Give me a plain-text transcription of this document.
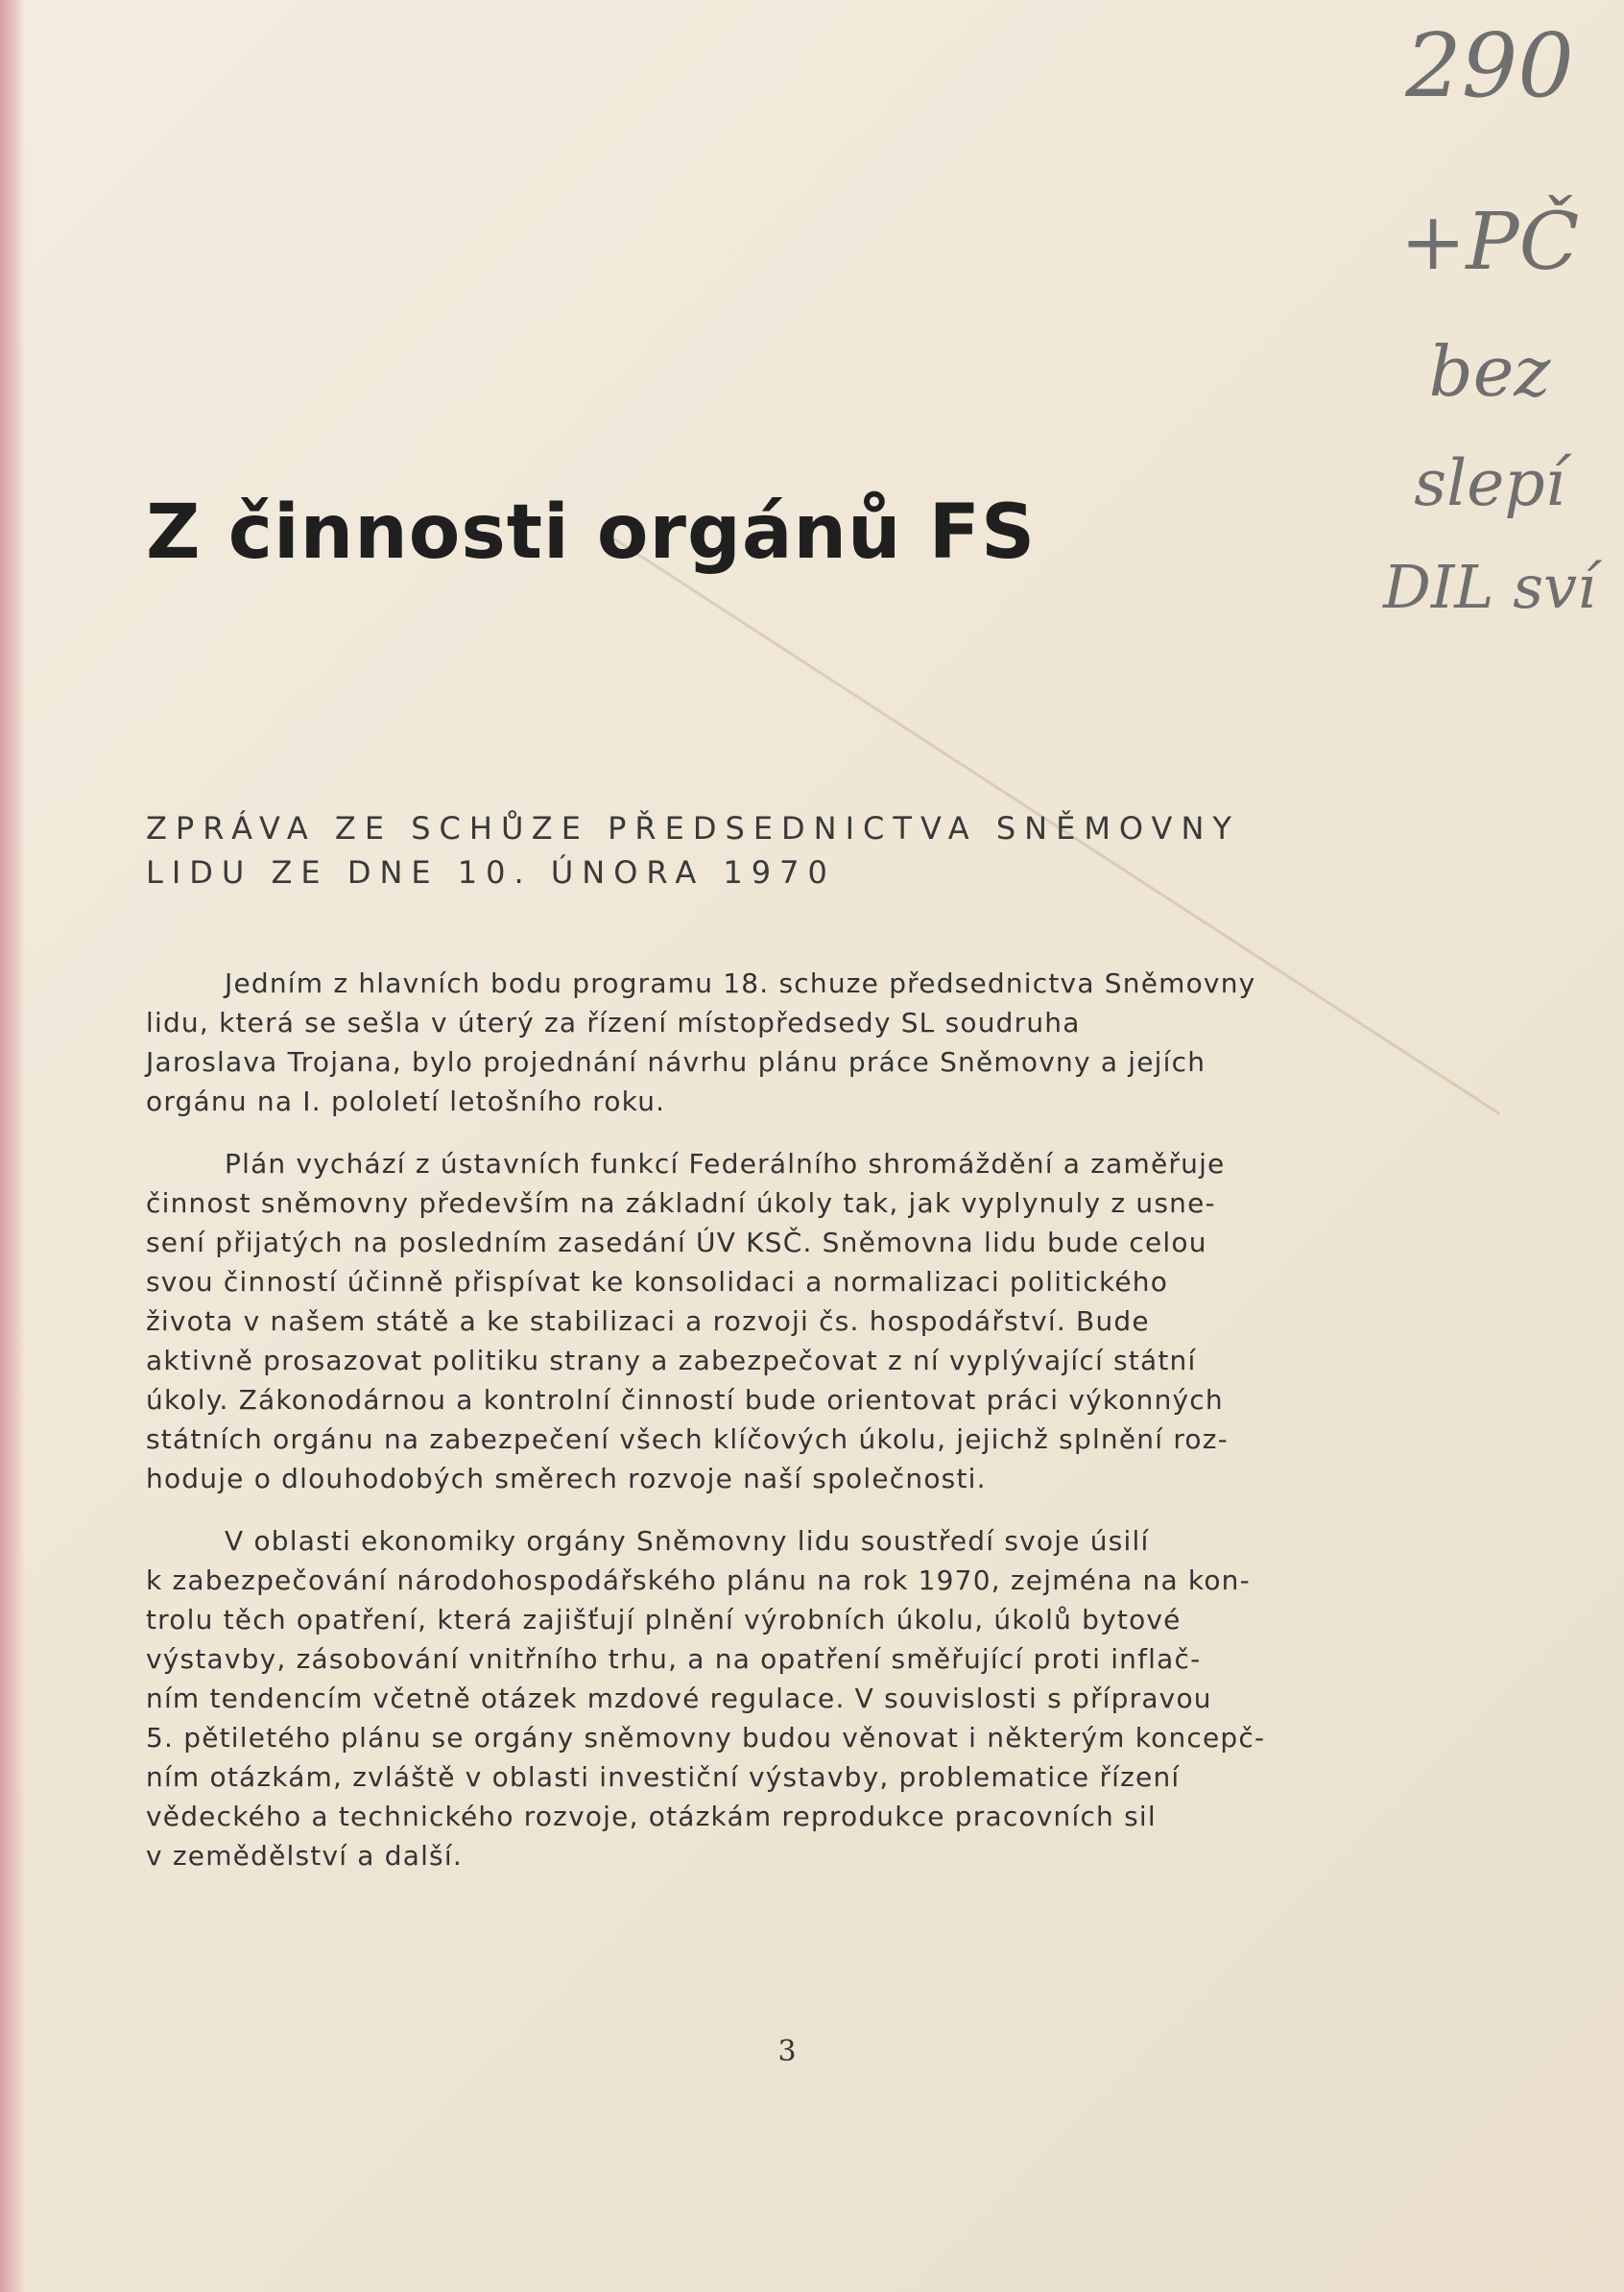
290
+PČ
bez
slepí
DIL sví
Z činnosti orgánů FS
ZPRÁVA ZE SCHŮZE PŘEDSEDNICTVA SNĚMOVNY
LIDU ZE DNE 10. ÚNORA 1970
Jedním z hlavních bodu programu 18. schuze předsednictva Sněmovny
lidu, která se sešla v úterý za řízení místopředsedy SL soudruha
Jaroslava Trojana, bylo projednání návrhu plánu práce Sněmovny a jejích
orgánu na I. pololetí letošního roku.
Plán vychází z ústavních funkcí Federálního shromáždění a zaměřuje
činnost sněmovny především na základní úkoly tak, jak vyplynuly z usne-
sení přijatých na posledním zasedání ÚV KSČ. Sněmovna lidu bude celou
svou činností účinně přispívat ke konsolidaci a normalizaci politického
života v našem státě a ke stabilizaci a rozvoji čs. hospodářství. Bude
aktivně prosazovat politiku strany a zabezpečovat z ní vyplývající státní
úkoly. Zákonodárnou a kontrolní činností bude orientovat práci výkonných
státních orgánu na zabezpečení všech klíčových úkolu, jejichž splnění roz-
hoduje o dlouhodobých směrech rozvoje naší společnosti.
V oblasti ekonomiky orgány Sněmovny lidu soustředí svoje úsilí
k zabezpečování národohospodářského plánu na rok 1970, zejména na kon-
trolu těch opatření, která zajišťují plnění výrobních úkolu, úkolů bytové
výstavby, zásobování vnitřního trhu, a na opatření směřující proti inflač-
ním tendencím včetně otázek mzdové regulace. V souvislosti s přípravou
5. pětiletého plánu se orgány sněmovny budou věnovat i některým koncepč-
ním otázkám, zvláště v oblasti investiční výstavby, problematice řízení
vědeckého a technického rozvoje, otázkám reprodukce pracovních sil
v zemědělství a další.
3
